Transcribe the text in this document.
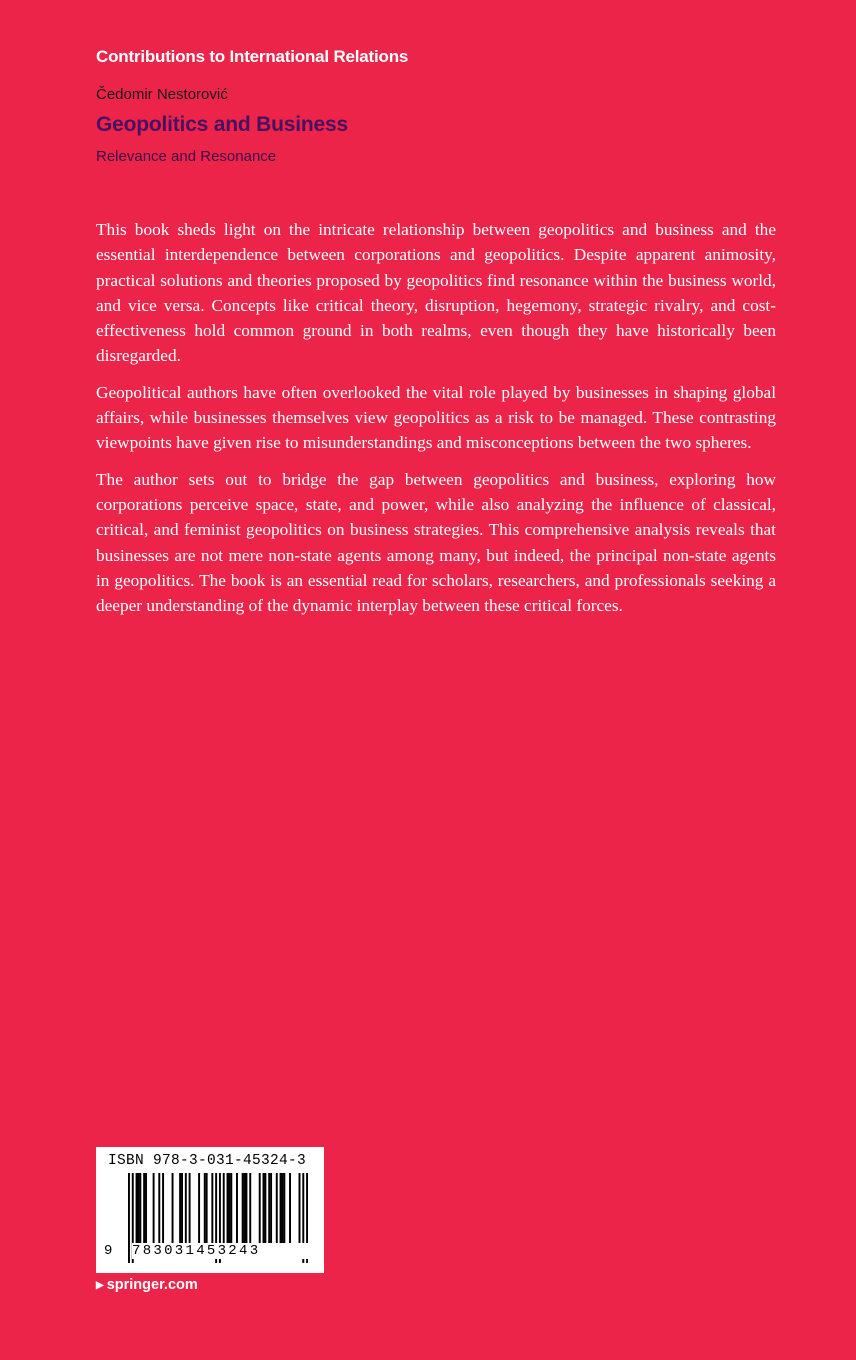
Contributions to International Relations
Čedomir Nestorović
Geopolitics and Business
Relevance and Resonance

This book sheds light on the intricate relationship between geopolitics and business and the essential interdependence between corporations and geopolitics. Despite apparent animosity, practical solutions and theories proposed by geopolitics find resonance within the business world, and vice versa. Concepts like critical theory, disruption, hegemony, strategic rivalry, and cost-effectiveness hold common ground in both realms, even though they have historically been disregarded.

Geopolitical authors have often overlooked the vital role played by businesses in shaping global affairs, while businesses themselves view geopolitics as a risk to be managed. These contrasting viewpoints have given rise to misunderstandings and misconceptions between the two spheres.

The author sets out to bridge the gap between geopolitics and business, exploring how corporations perceive space, state, and power, while also analyzing the influence of classical, critical, and feminist geopolitics on business strategies. This comprehensive analysis reveals that businesses are not mere non-state agents among many, but indeed, the principal non-state agents in geopolitics. The book is an essential read for scholars, researchers, and professionals seeking a deeper understanding of the dynamic interplay between these critical forces.

ISBN 978-3-031-45324-3
9 783031453243
▶ springer.com
